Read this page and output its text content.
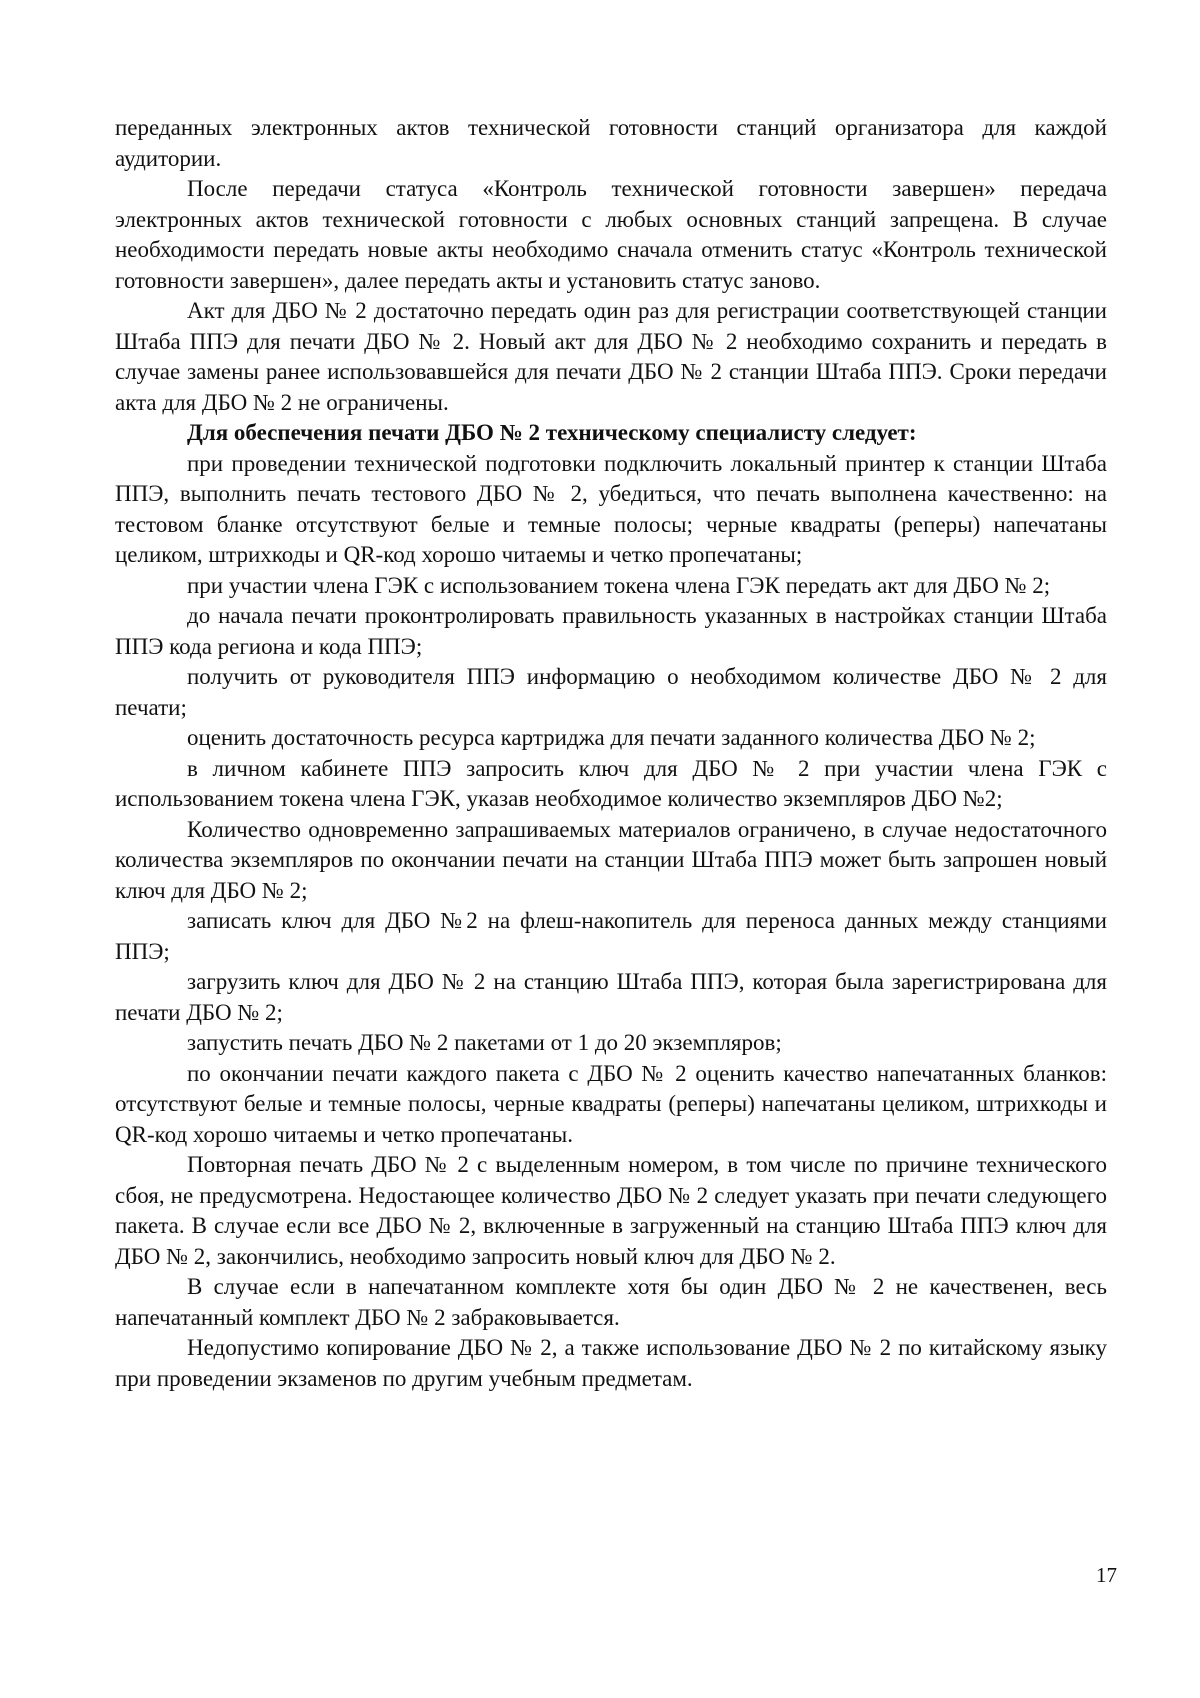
переданных электронных актов технической готовности станций организатора для каждой аудитории.

После передачи статуса «Контроль технической готовности завершен» передача электронных актов технической готовности с любых основных станций запрещена. В случае необходимости передать новые акты необходимо сначала отменить статус «Контроль технической готовности завершен», далее передать акты и установить статус заново.

Акт для ДБО № 2 достаточно передать один раз для регистрации соответствующей станции Штаба ППЭ для печати ДБО № 2. Новый акт для ДБО № 2 необходимо сохранить и передать в случае замены ранее использовавшейся для печати ДБО № 2 станции Штаба ППЭ. Сроки передачи акта для ДБО № 2 не ограничены.

Для обеспечения печати ДБО № 2 техническому специалисту следует:

при проведении технической подготовки подключить локальный принтер к станции Штаба ППЭ, выполнить печать тестового ДБО № 2, убедиться, что печать выполнена качественно: на тестовом бланке отсутствуют белые и темные полосы; черные квадраты (реперы) напечатаны целиком, штрихкоды и QR-код хорошо читаемы и четко пропечатаны;

при участии члена ГЭК с использованием токена члена ГЭК передать акт для ДБО № 2;

до начала печати проконтролировать правильность указанных в настройках станции Штаба ППЭ кода региона и кода ППЭ;

получить от руководителя ППЭ информацию о необходимом количестве ДБО № 2 для печати;

оценить достаточность ресурса картриджа для печати заданного количества ДБО № 2;

в личном кабинете ППЭ запросить ключ для ДБО № 2 при участии члена ГЭК с использованием токена члена ГЭК, указав необходимое количество экземпляров ДБО №2;

Количество одновременно запрашиваемых материалов ограничено, в случае недостаточного количества экземпляров по окончании печати на станции Штаба ППЭ может быть запрошен новый ключ для ДБО № 2;

записать ключ для ДБО №2 на флеш-накопитель для переноса данных между станциями ППЭ;

загрузить ключ для ДБО № 2 на станцию Штаба ППЭ, которая была зарегистрирована для печати ДБО № 2;

запустить печать ДБО № 2 пакетами от 1 до 20 экземпляров;

по окончании печати каждого пакета с ДБО № 2 оценить качество напечатанных бланков: отсутствуют белые и темные полосы, черные квадраты (реперы) напечатаны целиком, штрихкоды и QR-код хорошо читаемы и четко пропечатаны.

Повторная печать ДБО № 2 с выделенным номером, в том числе по причине технического сбоя, не предусмотрена. Недостающее количество ДБО № 2 следует указать при печати следующего пакета. В случае если все ДБО № 2, включенные в загруженный на станцию Штаба ППЭ ключ для ДБО № 2, закончились, необходимо запросить новый ключ для ДБО № 2.

В случае если в напечатанном комплекте хотя бы один ДБО № 2 не качественен, весь напечатанный комплект ДБО № 2 забраковывается.

Недопустимо копирование ДБО № 2, а также использование ДБО № 2 по китайскому языку при проведении экзаменов по другим учебным предметам.

17
